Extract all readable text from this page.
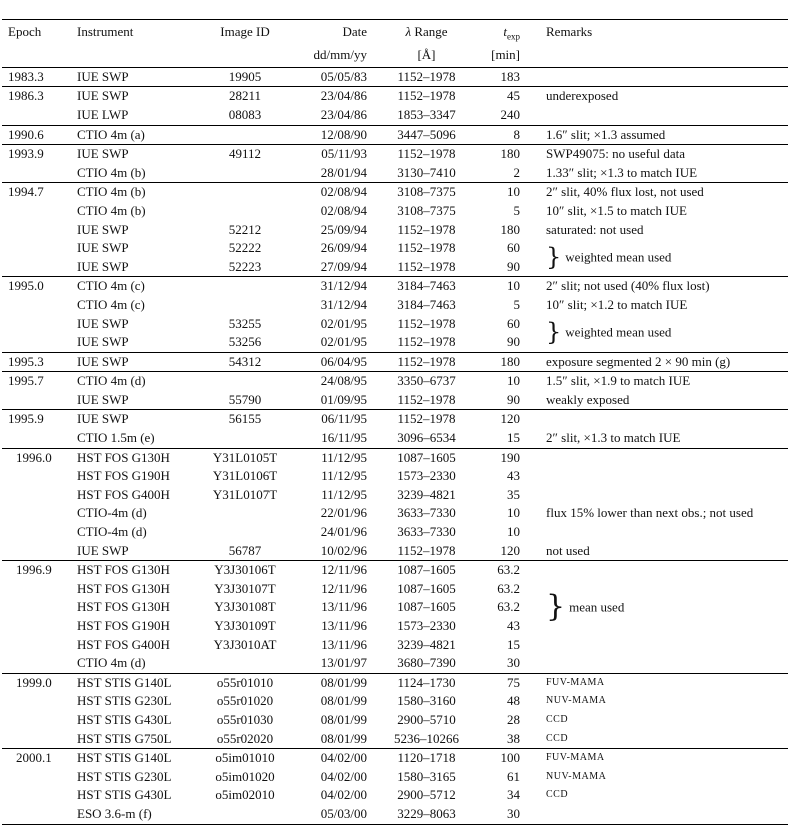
Epoch	Instrument	Image ID	Date	λ Range	$t_{exp}$	Remarks
			dd/mm/yy	[Å]	[min]	
1983.3	IUE SWP	19905	05/05/83	1152–1978	183	
1986.3	IUE SWP	28211	23/04/86	1152–1978	45	underexposed
	IUE LWP	08083	23/04/86	1853–3347	240	
1990.6	CTIO 4m (a)		12/08/90	3447–5096	8	1.6″ slit; ×1.3 assumed
1993.9	IUE SWP	49112	05/11/93	1152–1978	180	SWP49075: no useful data
	CTIO 4m (b)		28/01/94	3130–7410	2	1.33″ slit; ×1.3 to match IUE
1994.7	CTIO 4m (b)		02/08/94	3108–7375	10	2″ slit, 40% flux lost, not used
	CTIO 4m (b)		02/08/94	3108–7375	5	10″ slit, ×1.5 to match IUE
	IUE SWP	52212	25/09/94	1152–1978	180	saturated: not used
	IUE SWP	52222	26/09/94	1152–1978	60	} weighted mean used
	IUE SWP	52223	27/09/94	1152–1978	90	
1995.0	CTIO 4m (c)		31/12/94	3184–7463	10	2″ slit; not used (40% flux lost)
	CTIO 4m (c)		31/12/94	3184–7463	5	10″ slit; ×1.2 to match IUE
	IUE SWP	53255	02/01/95	1152–1978	60	} weighted mean used
	IUE SWP	53256	02/01/95	1152–1978	90	
1995.3	IUE SWP	54312	06/04/95	1152–1978	180	exposure segmented 2 × 90 min (g)
1995.7	CTIO 4m (d)		24/08/95	3350–6737	10	1.5″ slit, ×1.9 to match IUE
	IUE SWP	55790	01/09/95	1152–1978	90	weakly exposed
1995.9	IUE SWP	56155	06/11/95	1152–1978	120	
	CTIO 1.5m (e)		16/11/95	3096–6534	15	2″ slit, ×1.3 to match IUE
1996.0	HST FOS G130H	Y31L0105T	11/12/95	1087–1605	190	
	HST FOS G190H	Y31L0106T	11/12/95	1573–2330	43	
	HST FOS G400H	Y31L0107T	11/12/95	3239–4821	35	
	CTIO-4m (d)		22/01/96	3633–7330	10	flux 15% lower than next obs.; not used
	CTIO-4m (d)		24/01/96	3633–7330	10	
	IUE SWP	56787	10/02/96	1152–1978	120	not used
1996.9	HST FOS G130H	Y3J30106T	12/11/96	1087–1605	63.2	
	HST FOS G130H	Y3J30107T	12/11/96	1087–1605	63.2	} mean used
	HST FOS G130H	Y3J30108T	13/11/96	1087–1605	63.2	
	HST FOS G190H	Y3J30109T	13/11/96	1573–2330	43	
	HST FOS G400H	Y3J3010AT	13/11/96	3239–4821	15	
	CTIO 4m (d)		13/01/97	3680–7390	30	
1999.0	HST STIS G140L	o55r01010	08/01/99	1124–1730	75	FUV-MAMA
	HST STIS G230L	o55r01020	08/01/99	1580–3160	48	NUV-MAMA
	HST STIS G430L	o55r01030	08/01/99	2900–5710	28	CCD
	HST STIS G750L	o55r02020	08/01/99	5236–10266	38	CCD
2000.1	HST STIS G140L	o5im01010	04/02/00	1120–1718	100	FUV-MAMA
	HST STIS G230L	o5im01020	04/02/00	1580–3165	61	NUV-MAMA
	HST STIS G430L	o5im02010	04/02/00	2900–5712	34	CCD
	ESO 3.6-m (f)		05/03/00	3229–8063	30	
